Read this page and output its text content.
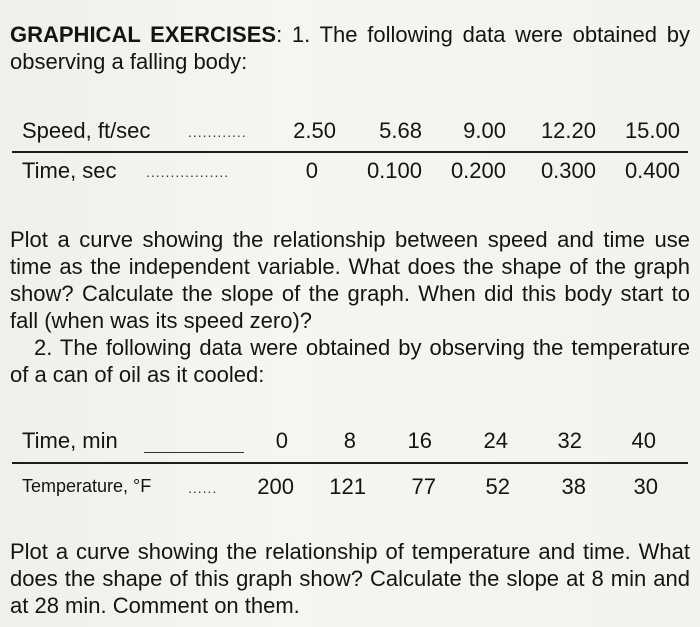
GRAPHICAL EXERCISES: 1. The following data were obtained by observing a falling body:

Speed, ft/sec	............	2.50	5.68	9.00	12.20	15.00
Time, sec .................	0	0.100	0.200	0.300	0.400

Plot a curve showing the relationship between speed and time use time as the independent variable. What does the shape of the graph show? Calculate the slope of the graph. When did this body start to fall (when was its speed zero)?
2. The following data were obtained by observing the temperature of a can of oil as it cooled:

Time, min	0	8	16	24	32	40
Temperature, °F	......	200	121	77	52	38	30

Plot a curve showing the relationship of temperature and time. What does the shape of this graph show? Calculate the slope at 8 min and at 28 min. Comment on them.
